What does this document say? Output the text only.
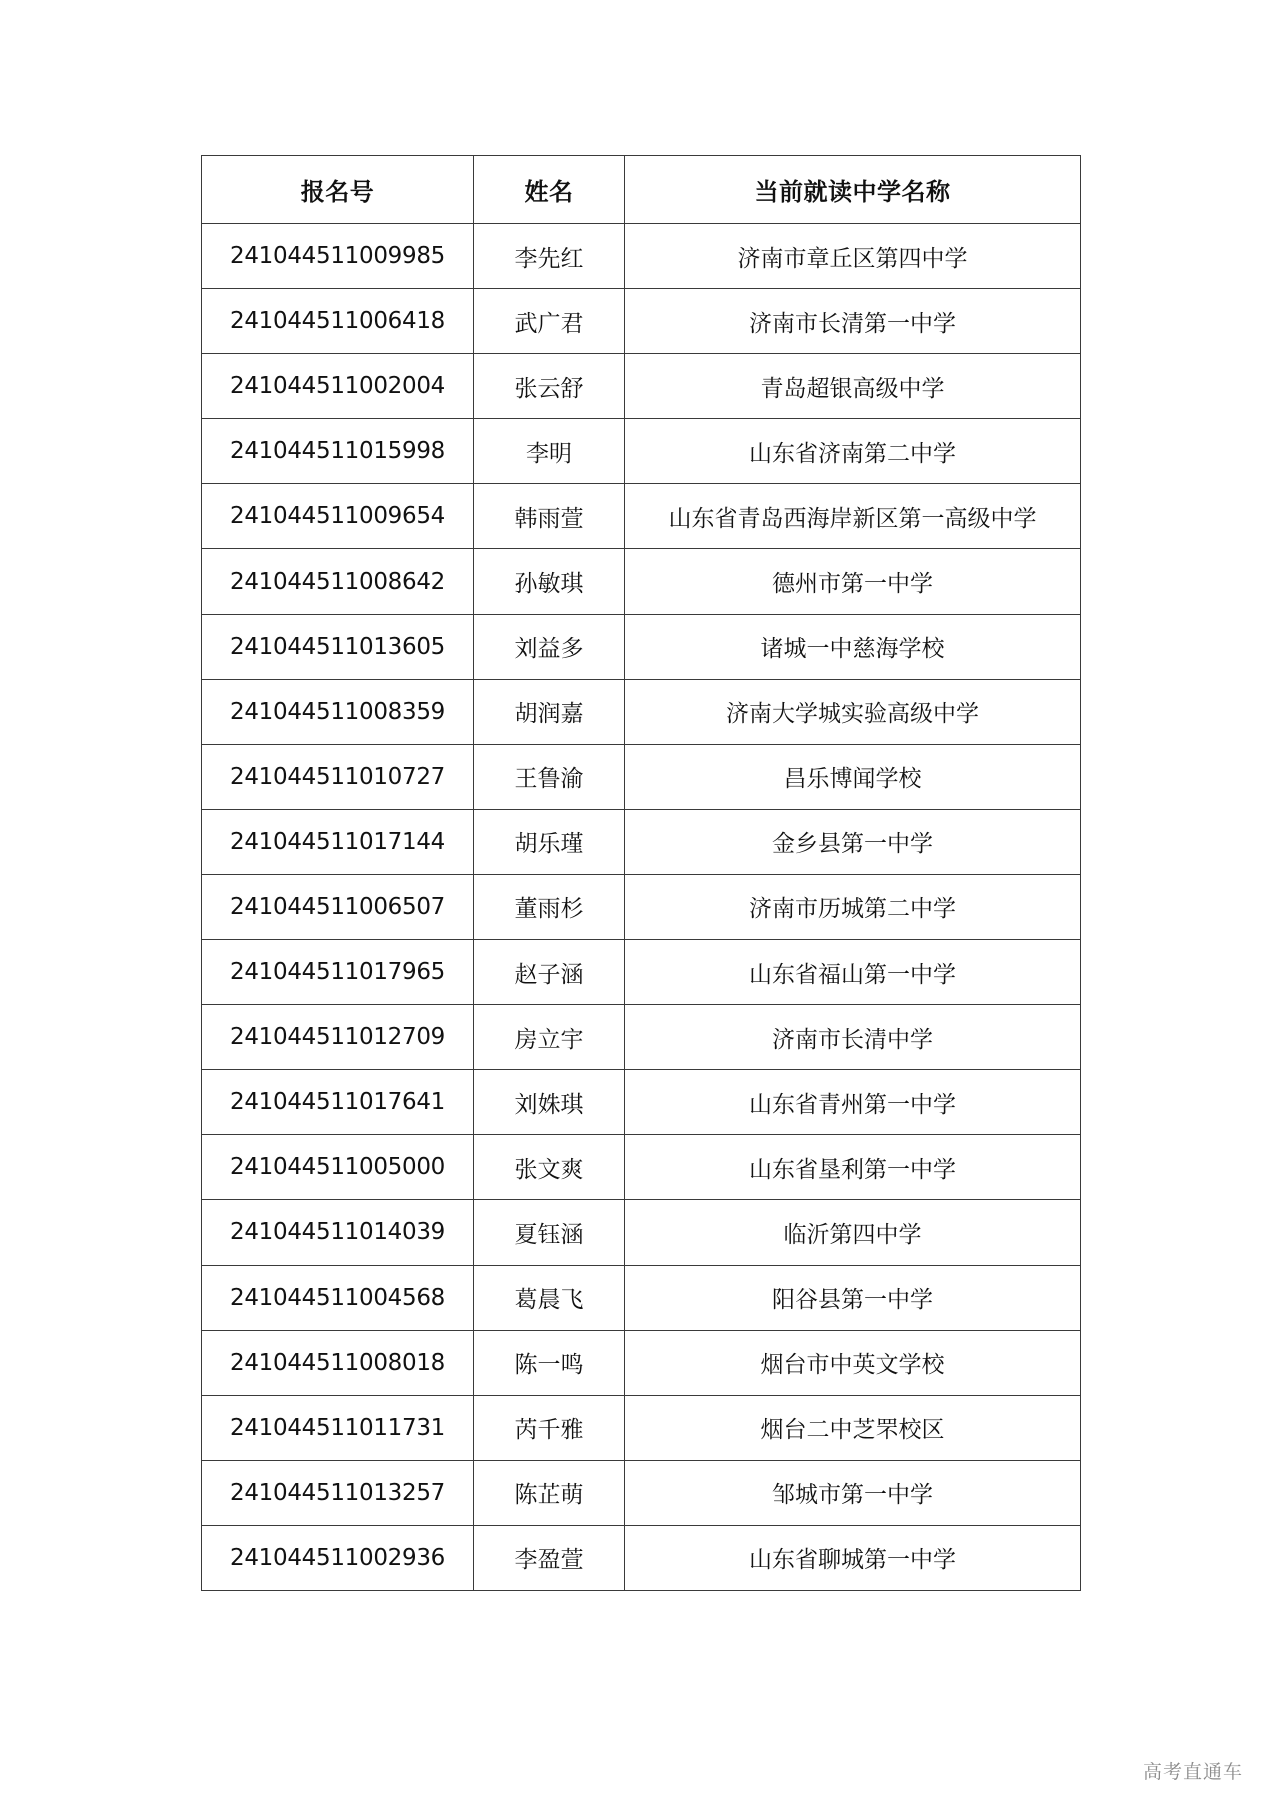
报名号	姓名	当前就读中学名称
241044511009985	李先红	济南市章丘区第四中学
241044511006418	武广君	济南市长清第一中学
241044511002004	张云舒	青岛超银高级中学
241044511015998	李明	山东省济南第二中学
241044511009654	韩雨萱	山东省青岛西海岸新区第一高级中学
241044511008642	孙敏琪	德州市第一中学
241044511013605	刘益多	诸城一中慈海学校
241044511008359	胡润嘉	济南大学城实验高级中学
241044511010727	王鲁渝	昌乐博闻学校
241044511017144	胡乐瑾	金乡县第一中学
241044511006507	董雨杉	济南市历城第二中学
241044511017965	赵子涵	山东省福山第一中学
241044511012709	房立宇	济南市长清中学
241044511017641	刘姝琪	山东省青州第一中学
241044511005000	张文爽	山东省垦利第一中学
241044511014039	夏钰涵	临沂第四中学
241044511004568	葛晨飞	阳谷县第一中学
241044511008018	陈一鸣	烟台市中英文学校
241044511011731	芮千雅	烟台二中芝罘校区
241044511013257	陈芷萌	邹城市第一中学
241044511002936	李盈萱	山东省聊城第一中学
高考直通车
